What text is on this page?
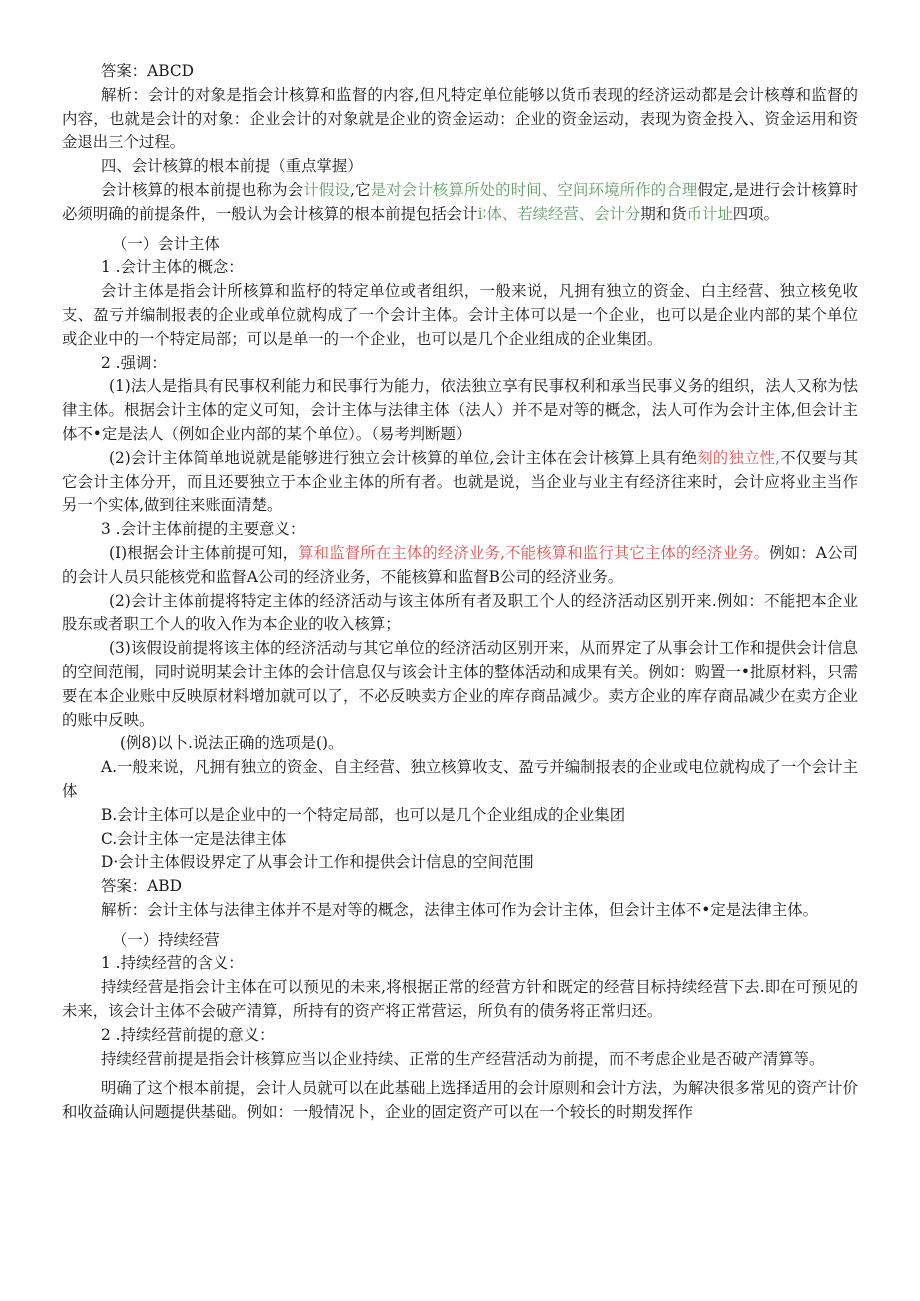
答案：ABCD

解析：会计的对象是指会计核算和监督的内容,但凡特定单位能够以货币表现的经济运动都是会计核尊和监督的内容，也就是会计的对象：企业会计的对象就是企业的资金运动：企业的资金运动，表现为资金投入、资金运用和资金退出三个过程。

四、会计核算的根本前提（重点掌握）

会计核算的根本前提也称为会计假设,它是对会计核算所处的时间、空间环境所作的合理假定,是进行会计核算时必须明确的前提条件，一般认为会计核算的根本前提包括会计i∶体、若续经营、会计分期和货币计址四项。

（一）会计主体

1 .会计主体的概念：

会计主体是指会计所核算和监杼的特定单位或者组织，一般来说，凡拥有独立的资金、白主经营、独立核免收支、盈亏并编制报表的企业或单位就构成了一个会计主体。会计主体可以是一个企业，也可以是企业内部的某个单位或企业中的一个特定局部；可以是单一的一个企业，也可以是几个企业组成的企业集团。

2 .强调：

(1)法人是指具有民事权利能力和民事行为能力，依法独立享有民事权利和承当民事义务的组织，法人又称为怯律主体。根据会计主体的定义可知，会计主体与法律主体（法人）并不是对等的概念，法人可作为会计主体,但会计主体不•定是法人（例如企业内部的某个单位）。（易考判断题）

(2)会计主体简单地说就是能够进行独立会计核算的单位,会计主体在会计核算上具有绝刻的独立性,不仅要与其它会计主体分开，而且还要独立于本企业主体的所有者。也就是说，当企业与业主有经济往来时，会计应将业主当作另一个实体,做到往来账面清楚。

3 .会计主体前提的主要意义：

(I)根据会计主体前提可知，算和监督所在主体的经济业务,不能核算和监行其它主体的经济业务。例如：A公司的会计人员只能核党和监督A公司的经济业务，不能核算和监督B公司的经济业务。

(2)会计主体前提将特定主体的经济活动与该主体所有者及职工个人的经济活动区别开来.例如：不能把本企业股东或者职工个人的收入作为本企业的收入核算；

(3)该假设前提将该主体的经济活动与其它单位的经济活动区别开来，从而界定了从事会计工作和提供会计信息的空间范闱，同时说明某会计主体的会计信息仅与该会计主体的整体活动和成果有关。例如：购置一•批原材料，只需要在本企业账中反映原材料增加就可以了，不必反映卖方企业的库存商品减少。卖方企业的库存商品减少在卖方企业的账中反映。

(例8)以卜.说法正确的选项是()。

A.一般来说，凡拥有独立的资金、自主经营、独立核算收支、盈亏并编制报表的企业或电位就构成了一个会计主体

B.会计主体可以是企业中的一个特定局部，也可以是几个企业组成的企业集团

C.会计主体一定是法律主体

D·会计主体假设界定了从事会计工作和提供会计信息的空间范围

答案：ABD

解析：会计主体与法律主体并不是对等的概念，法律主体可作为会计主体，但会计主体不•定是法律主体。

（一）持续经营

1 .持续经营的含义：

持续经营是指会计主体在可以预见的未来,将根据正常的经营方针和既定的经营目标持续经营下去.即在可预见的未来，该会计主体不会破产清算，所持有的资产将正常营运，所负有的债务将正常归还。

2 .持续经营前提的意义：

持续经营前提是指会计核算应当以企业持续、正常的生产经营活动为前提，而不考虑企业是否破产清算等。

明确了这个根本前提，会计人员就可以在此基础上选择适用的会计原则和会计方法，为解决很多常见的资产计价和收益确认问题提供基础。例如：一般情况卜，企业的固定资产可以在一个较长的时期发挥作
